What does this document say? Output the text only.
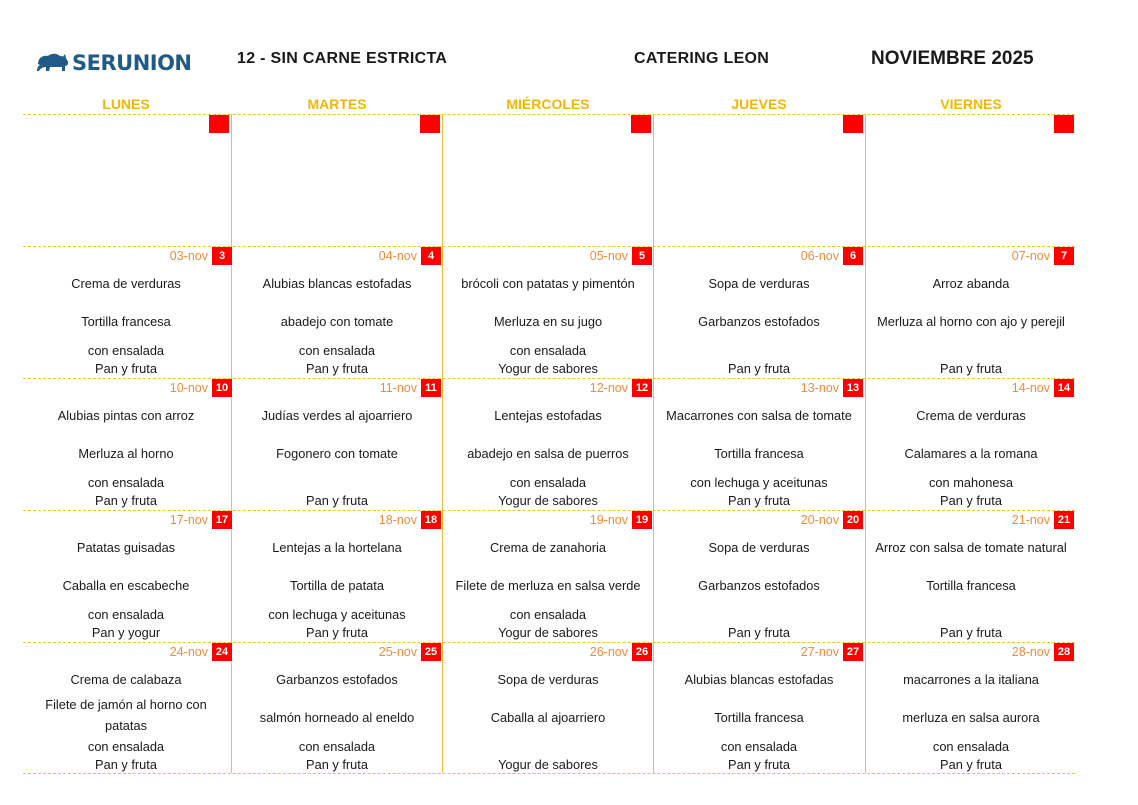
SERUNION	12 - SIN CARNE ESTRICTA	CATERING LEON	NOVIEMBRE 2025
LUNES	MARTES	MIÉRCOLES	JUEVES	VIERNES
3
03-nov
Crema de verduras
Tortilla francesa
con ensalada
Pan y fruta
4
04-nov
Alubias blancas estofadas
abadejo con tomate
con ensalada
Pan y fruta
5
05-nov
brócoli con patatas y pimentón
Merluza en su jugo
con ensalada
Yogur de sabores
6
06-nov
Sopa de verduras
Garbanzos estofados
Pan y fruta
7
07-nov
Arroz abanda
Merluza al horno con ajo y perejil
Pan y fruta
10
10-nov
Alubias pintas con arroz
Merluza al horno
con ensalada
Pan y fruta
11
11-nov
Judías verdes al ajoarriero
Fogonero con tomate
Pan y fruta
12
12-nov
Lentejas estofadas
abadejo en salsa de puerros
con ensalada
Yogur de sabores
13
13-nov
Macarrones con salsa de tomate
Tortilla francesa
con lechuga y aceitunas
Pan y fruta
14
14-nov
Crema de verduras
Calamares a la romana
con mahonesa
Pan y fruta
17
17-nov
Patatas guisadas
Caballa en escabeche
con ensalada
Pan y yogur
18
18-nov
Lentejas a la hortelana
Tortilla de patata
con lechuga y aceitunas
Pan y fruta
19
19-nov
Crema de zanahoria
Filete de merluza en salsa verde
con ensalada
Yogur de sabores
20
20-nov
Sopa de verduras
Garbanzos estofados
Pan y fruta
21
21-nov
Arroz con salsa de tomate natural
Tortilla francesa
Pan y fruta
24
24-nov
Crema de calabaza
Filete de jamón al horno con patatas
con ensalada
Pan y fruta
25
25-nov
Garbanzos estofados
salmón horneado al eneldo
con ensalada
Pan y fruta
26
26-nov
Sopa de verduras
Caballa al ajoarriero
Yogur de sabores
27
27-nov
Alubias blancas estofadas
Tortilla francesa
con ensalada
Pan y fruta
28
28-nov
macarrones a la italiana
merluza en salsa aurora
con ensalada
Pan y fruta
